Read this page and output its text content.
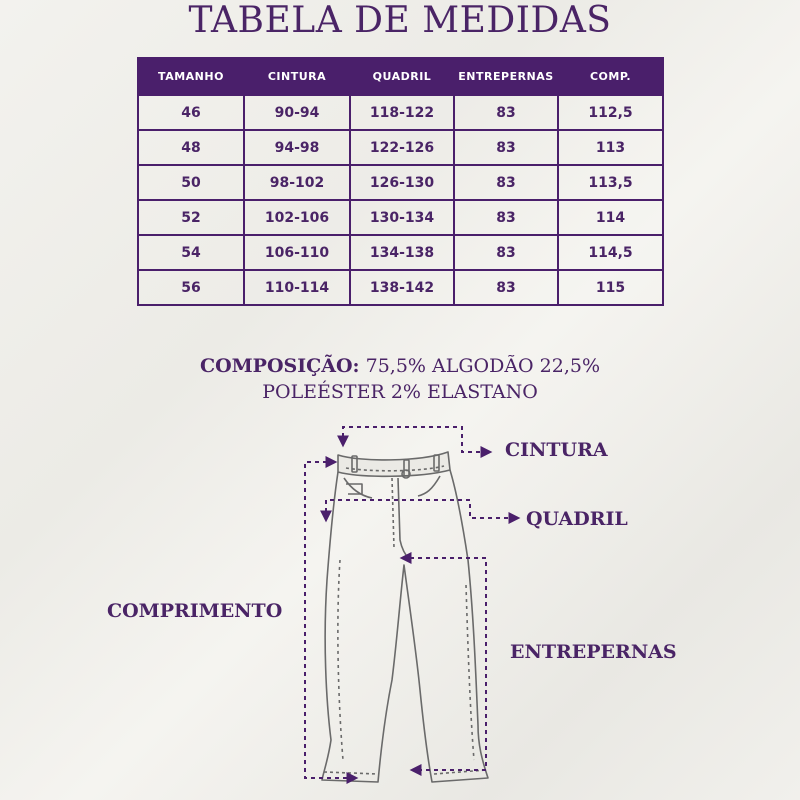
TABELA DE MEDIDAS
TAMANHO	CINTURA	QUADRIL	ENTREPERNAS	COMP.
46	90-94	118-122	83	112,5
48	94-98	122-126	83	113
50	98-102	126-130	83	113,5
52	102-106	130-134	83	114
54	106-110	134-138	83	114,5
56	110-114	138-142	83	115
COMPOSIÇÃO: 75,5% ALGODÃO 22,5%
POLEÉSTER 2% ELASTANO
CINTURA
QUADRIL
COMPRIMENTO
ENTREPERNAS
